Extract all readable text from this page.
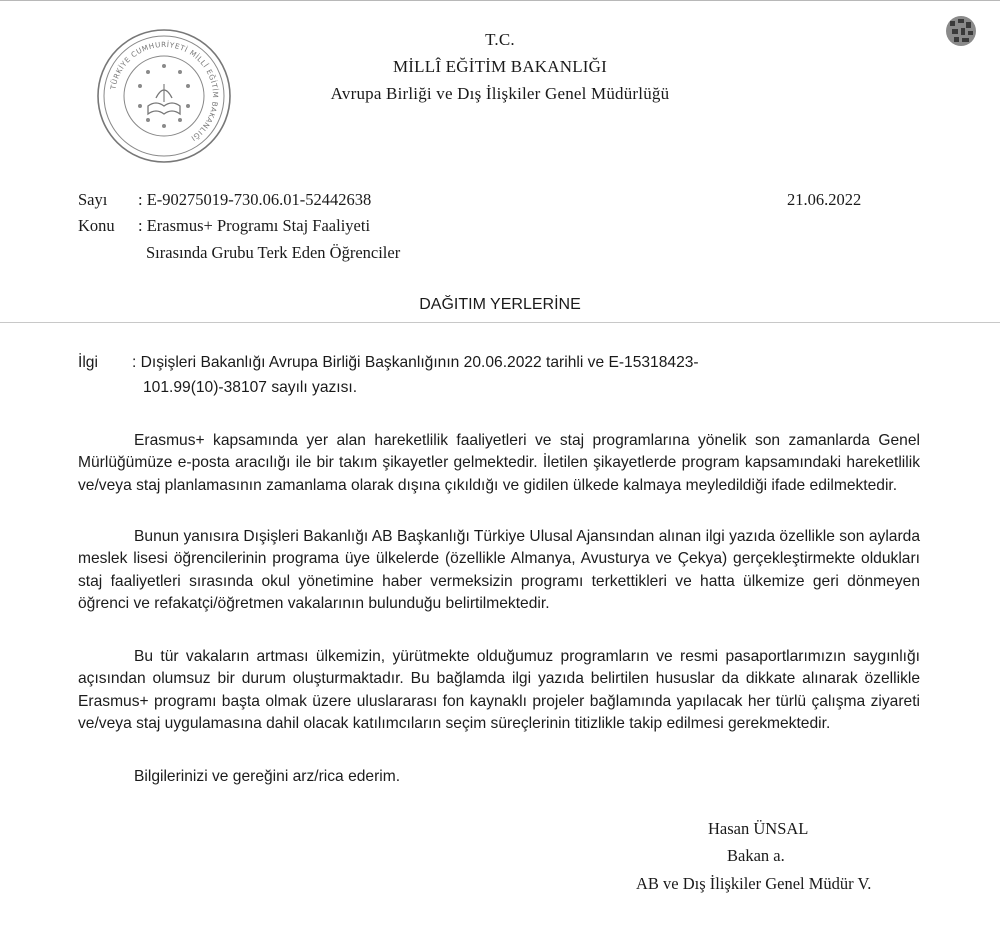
TÜRKİYE CUMHURİYETİ MİLLÎ EĞİTİM BAKANLIĞI
T.C.
MİLLÎ EĞİTİM BAKANLIĞI
Avrupa Birliği ve Dış İlişkiler Genel Müdürlüğü
Sayı : E-90275019-730.06.01-52442638	21.06.2022
Konu : Erasmus+ Programı Staj Faaliyeti
Sırasında Grubu Terk Eden Öğrenciler
DAĞITIM YERLERİNE
İlgi : Dışişleri Bakanlığı Avrupa Birliği Başkanlığının 20.06.2022 tarihli ve E-15318423-
101.99(10)-38107 sayılı yazısı.
Erasmus+ kapsamında yer alan hareketlilik faaliyetleri ve staj programlarına yönelik son zamanlarda Genel Mürlüğümüze e-posta aracılığı ile bir takım şikayetler gelmektedir. İletilen şikayetlerde program kapsamındaki hareketlilik ve/veya staj planlamasının zamanlama olarak dışına çıkıldığı ve gidilen ülkede kalmaya meyledildiği ifade edilmektedir.
Bunun yanısıra Dışişleri Bakanlığı AB Başkanlığı Türkiye Ulusal Ajansından alınan ilgi yazıda özellikle son aylarda meslek lisesi öğrencilerinin programa üye ülkelerde (özellikle Almanya, Avusturya ve Çekya) gerçekleştirmekte oldukları staj faaliyetleri sırasında okul yönetimine haber vermeksizin programı terkettikleri ve hatta ülkemize geri dönmeyen öğrenci ve refakatçi/öğretmen vakalarının bulunduğu belirtilmektedir.
Bu tür vakaların artması ülkemizin, yürütmekte olduğumuz programların ve resmi pasaportlarımızın saygınlığı açısından olumsuz bir durum oluşturmaktadır. Bu bağlamda ilgi yazıda belirtilen hususlar da dikkate alınarak özellikle Erasmus+ programı başta olmak üzere uluslararası fon kaynaklı projeler bağlamında yapılacak her türlü çalışma ziyareti ve/veya staj uygulamasına dahil olacak katılımcıların seçim süreçlerinin titizlikle takip edilmesi gerekmektedir.
Bilgilerinizi ve gereğini arz/rica ederim.
Hasan ÜNSAL
Bakan a.
AB ve Dış İlişkiler Genel Müdür V.
